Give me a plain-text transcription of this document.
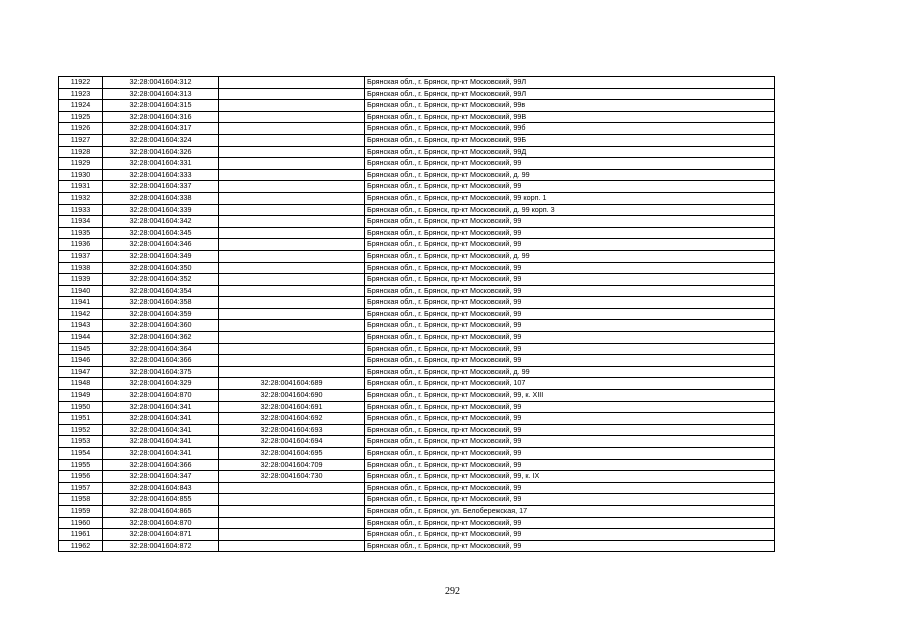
11922	32:28:0041604:312		Брянская обл., г. Брянск, пр-кт Московский, 99Л
11923	32:28:0041604:313		Брянская обл., г. Брянск, пр-кт Московский, 99Л
11924	32:28:0041604:315		Брянская обл., г. Брянск, пр-кт Московский, 99в
11925	32:28:0041604:316		Брянская обл., г. Брянск, пр-кт Московский, 99В
11926	32:28:0041604:317		Брянская обл., г. Брянск, пр-кт Московский, 99б
11927	32:28:0041604:324		Брянская обл., г. Брянск, пр-кт Московский, 99Б
11928	32:28:0041604:326		Брянская обл., г. Брянск, пр-кт Московский, 99Д
11929	32:28:0041604:331		Брянская обл., г. Брянск, пр-кт Московский, 99
11930	32:28:0041604:333		Брянская обл., г. Брянск, пр-кт Московский, д. 99
11931	32:28:0041604:337		Брянская обл., г. Брянск, пр-кт Московский, 99
11932	32:28:0041604:338		Брянская обл., г. Брянск, пр-кт Московский, 99 корп. 1
11933	32:28:0041604:339		Брянская обл., г. Брянск, пр-кт Московский, д. 99 корп. 3
11934	32:28:0041604:342		Брянская обл., г. Брянск, пр-кт Московский, 99
11935	32:28:0041604:345		Брянская обл., г. Брянск, пр-кт Московский, 99
11936	32:28:0041604:346		Брянская обл., г. Брянск, пр-кт Московский, 99
11937	32:28:0041604:349		Брянская обл., г. Брянск, пр-кт Московский, д. 99
11938	32:28:0041604:350		Брянская обл., г. Брянск, пр-кт Московский, 99
11939	32:28:0041604:352		Брянская обл., г. Брянск, пр-кт Московский, 99
11940	32:28:0041604:354		Брянская обл., г. Брянск, пр-кт Московский, 99
11941	32:28:0041604:358		Брянская обл., г. Брянск, пр-кт Московский, 99
11942	32:28:0041604:359		Брянская обл., г. Брянск, пр-кт Московский, 99
11943	32:28:0041604:360		Брянская обл., г. Брянск, пр-кт Московский, 99
11944	32:28:0041604:362		Брянская обл., г. Брянск, пр-кт Московский, 99
11945	32:28:0041604:364		Брянская обл., г. Брянск, пр-кт Московский, 99
11946	32:28:0041604:366		Брянская обл., г. Брянск, пр-кт Московский, 99
11947	32:28:0041604:375		Брянская обл., г. Брянск, пр-кт Московский, д. 99
11948	32:28:0041604:329	32:28:0041604:689	Брянская обл., г. Брянск, пр-кт Московский, 107
11949	32:28:0041604:870	32:28:0041604:690	Брянская обл., г. Брянск, пр-кт Московский, 99, к. XIII
11950	32:28:0041604:341	32:28:0041604:691	Брянская обл., г. Брянск, пр-кт Московский, 99
11951	32:28:0041604:341	32:28:0041604:692	Брянская обл., г. Брянск, пр-кт Московский, 99
11952	32:28:0041604:341	32:28:0041604:693	Брянская обл., г. Брянск, пр-кт Московский, 99
11953	32:28:0041604:341	32:28:0041604:694	Брянская обл., г. Брянск, пр-кт Московский, 99
11954	32:28:0041604:341	32:28:0041604:695	Брянская обл., г. Брянск, пр-кт Московский, 99
11955	32:28:0041604:366	32:28:0041604:709	Брянская обл., г. Брянск, пр-кт Московский, 99
11956	32:28:0041604:347	32:28:0041604:730	Брянская обл., г. Брянск, пр-кт Московский, 99, к. IX
11957	32:28:0041604:843		Брянская обл., г. Брянск, пр-кт Московский, 99
11958	32:28:0041604:855		Брянская обл., г. Брянск, пр-кт Московский, 99
11959	32:28:0041604:865		Брянская обл., г. Брянск, ул. Белобережская, 17
11960	32:28:0041604:870		Брянская обл., г. Брянск, пр-кт Московский, 99
11961	32:28:0041604:871		Брянская обл., г. Брянск, пр-кт Московский, 99
11962	32:28:0041604:872		Брянская обл., г. Брянск, пр-кт Московский, 99
292
